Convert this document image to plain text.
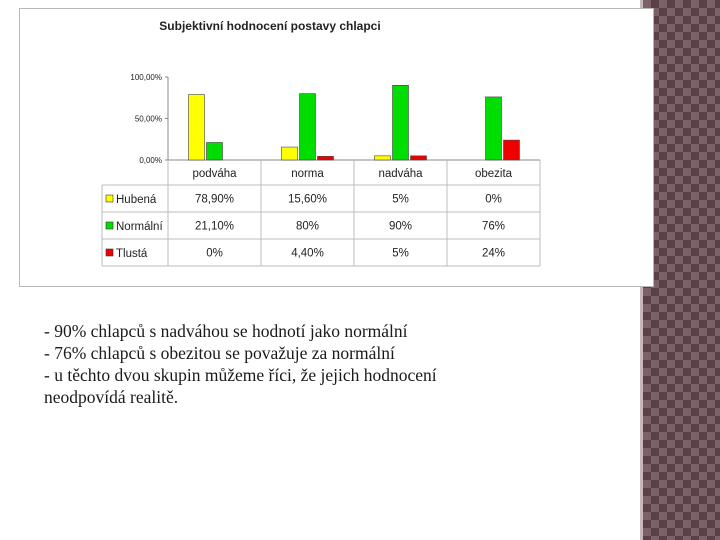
Subjektivní hodnocení postavy chlapci
100,00%
50,00%
0,00%
podváha	norma	nadváha	obezita
Hubená	78,90%	15,60%	5%	0%
Normální	21,10%	80%	90%	76%
Tlustá	0%	4,40%	5%	24%
- 90% chlapců s nadváhou se hodnotí jako normální
- 76% chlapců s obezitou se považuje za normální
- u těchto dvou skupin můžeme říci, že jejich hodnocení
neodpovídá realitě.
